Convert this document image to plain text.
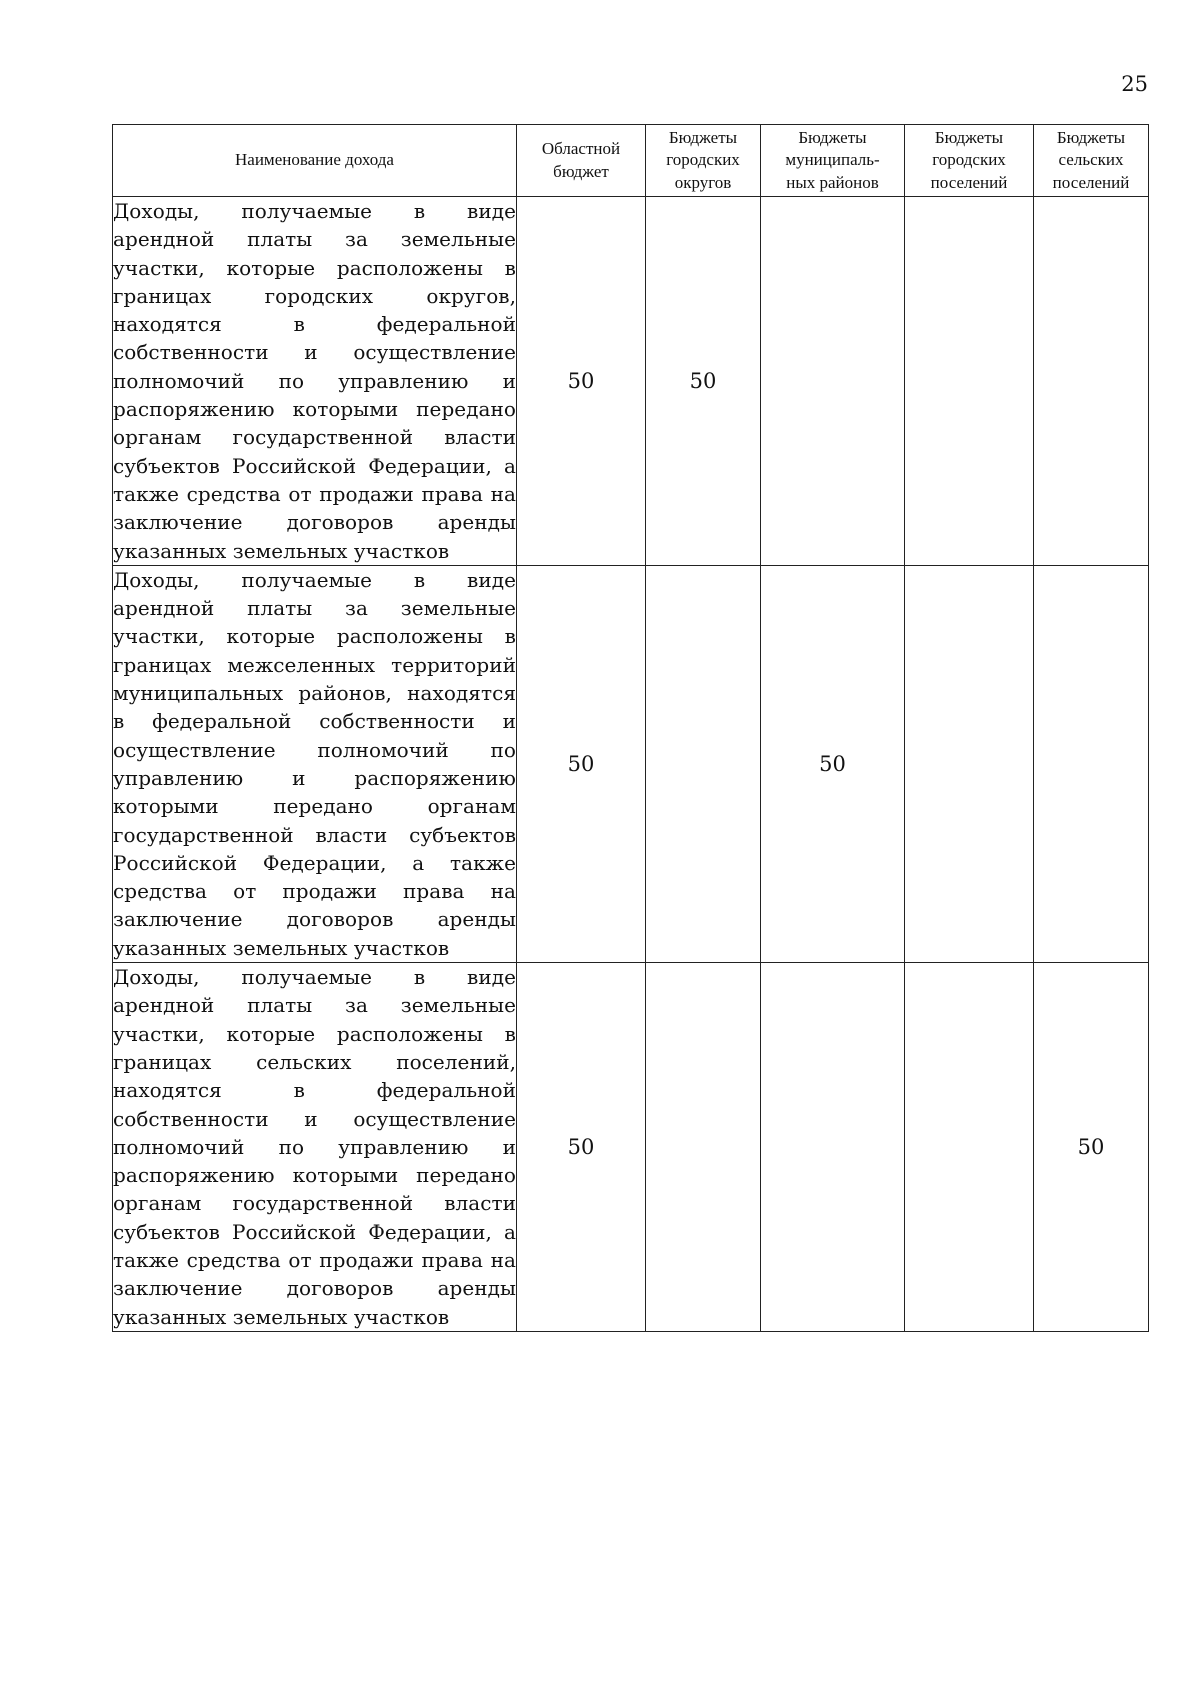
25
Наименование дохода	Областной бюджет	Бюджеты городских округов	Бюджеты муниципаль-ных районов	Бюджеты городских поселений	Бюджеты сельских поселений
Доходы, получаемые в виде арендной платы за земельные участки, которые расположены в границах городских округов, находятся в федеральной собственности и осуществление полномочий по управлению и распоряжению которыми передано органам государственной власти субъектов Российской Федерации, а также средства от продажи права на заключение договоров аренды указанных земельных участков	50	50			
Доходы, получаемые в виде арендной платы за земельные участки, которые расположены в границах межселенных территорий муниципальных районов, находятся в федеральной собственности и осуществление полномочий по управлению и распоряжению которыми передано органам государственной власти субъектов Российской Федерации, а также средства от продажи права на заключение договоров аренды указанных земельных участков	50		50		
Доходы, получаемые в виде арендной платы за земельные участки, которые расположены в границах сельских поселений, находятся в федеральной собственности и осуществление полномочий по управлению и распоряжению которыми передано органам государственной власти субъектов Российской Федерации, а также средства от продажи права на заключение договоров аренды указанных земельных участков	50				50
